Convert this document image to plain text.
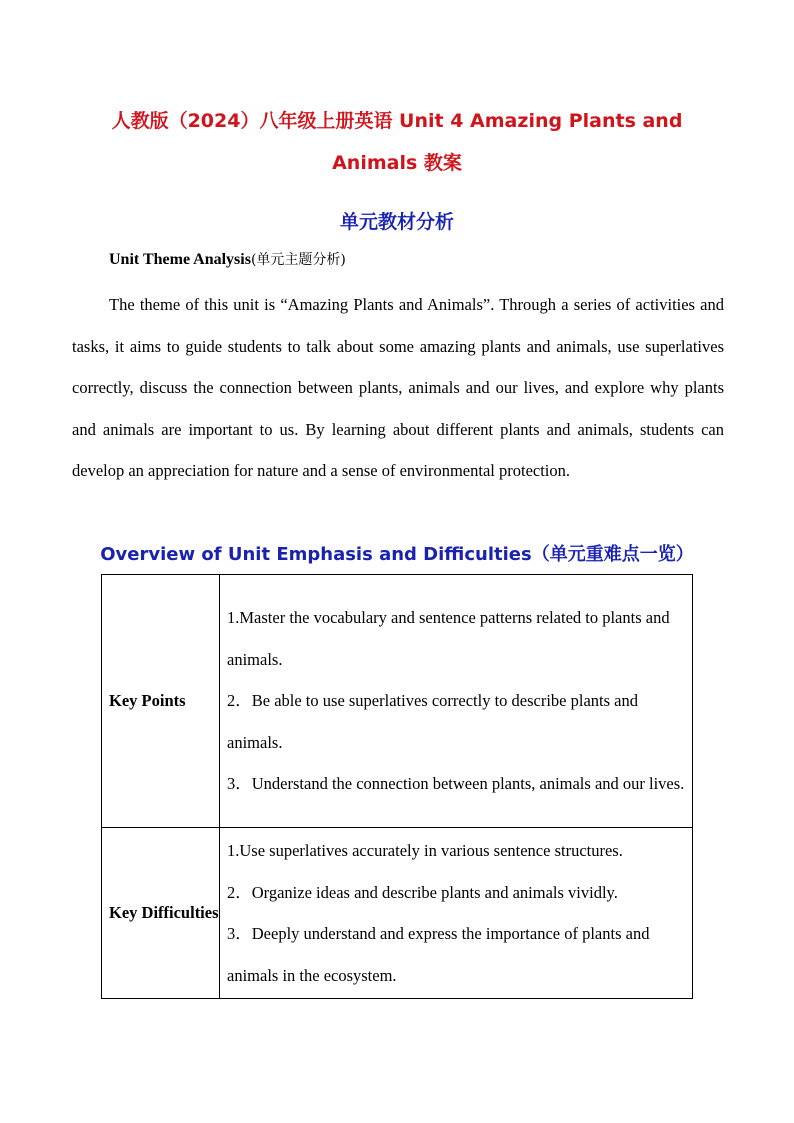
人教版（2024）八年级上册英语 Unit 4 Amazing Plants and Animals 教案
单元教材分析
Unit Theme Analysis(单元主题分析)
The theme of this unit is “Amazing Plants and Animals”. Through a series of activities and tasks, it aims to guide students to talk about some amazing plants and animals, use superlatives correctly, discuss the connection between plants, animals and our lives, and explore why plants and animals are important to us. By learning about different plants and animals, students can develop an appreciation for nature and a sense of environmental protection.
Overview of Unit Emphasis and Difficulties（单元重难点一览）
Key Points	1.Master the vocabulary and sentence patterns related to plants and animals.

2．Be able to use superlatives correctly to describe plants and animals.

3．Understand the connection between plants, animals and our lives.

Key Difficulties	1.Use superlatives accurately in various sentence structures.

2．Organize ideas and describe plants and animals vividly.

3．Deeply understand and express the importance of plants and animals in the ecosystem.
